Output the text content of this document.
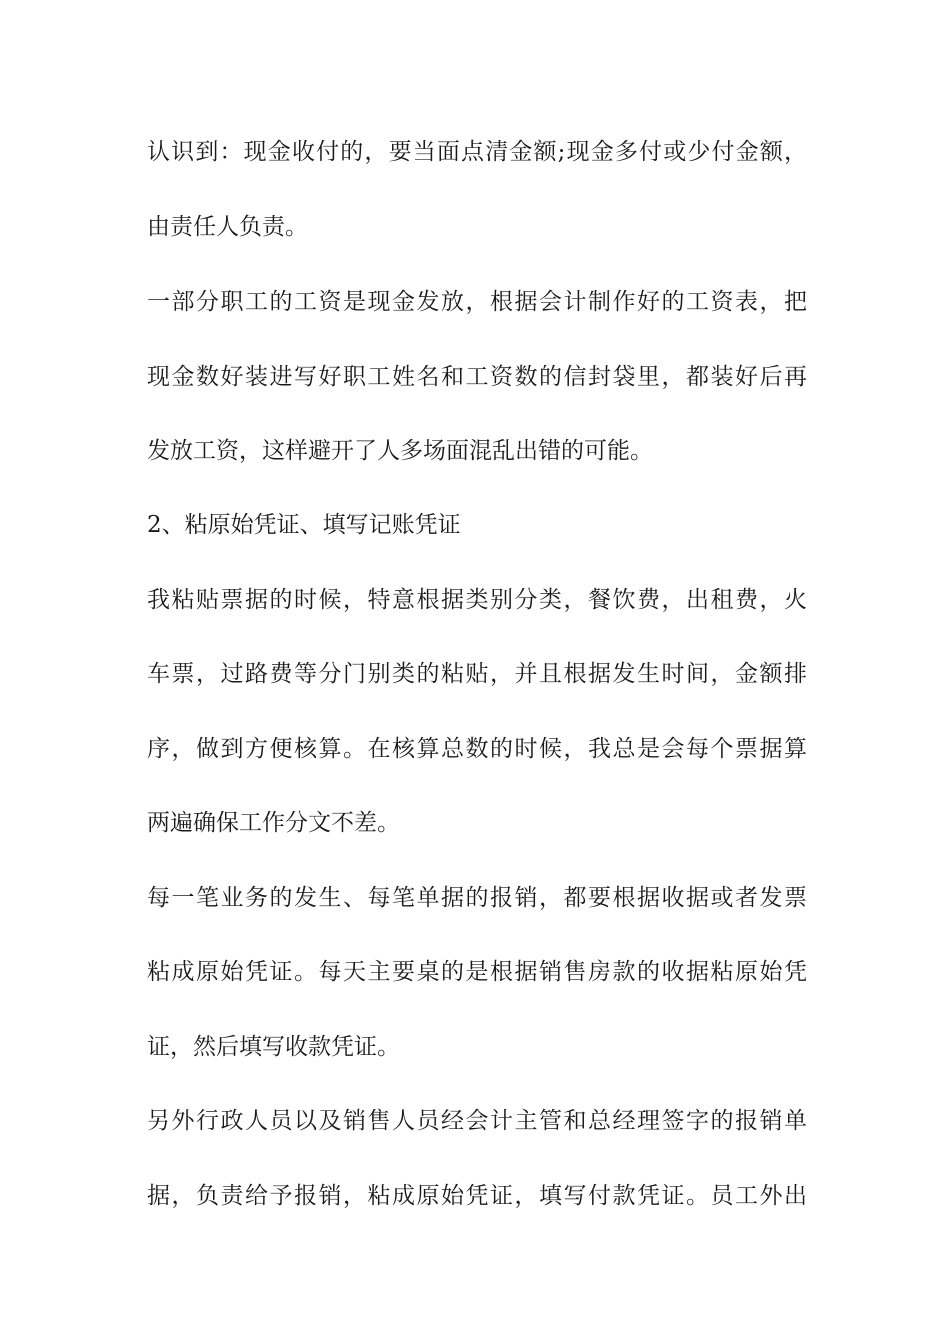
认识到：现金收付的，要当面点清金额;现金多付或少付金额，
由责任人负责。
一部分职工的工资是现金发放，根据会计制作好的工资表，把
现金数好装进写好职工姓名和工资数的信封袋里，都装好后再
发放工资，这样避开了人多场面混乱出错的可能。
2、粘原始凭证、填写记账凭证
我粘贴票据的时候，特意根据类别分类，餐饮费，出租费，火
车票，过路费等分门别类的粘贴，并且根据发生时间，金额排
序，做到方便核算。在核算总数的时候，我总是会每个票据算
两遍确保工作分文不差。
每一笔业务的发生、每笔单据的报销，都要根据收据或者发票
粘成原始凭证。每天主要桌的是根据销售房款的收据粘原始凭
证，然后填写收款凭证。
另外行政人员以及销售人员经会计主管和总经理签字的报销单
据，负责给予报销，粘成原始凭证，填写付款凭证。员工外出
